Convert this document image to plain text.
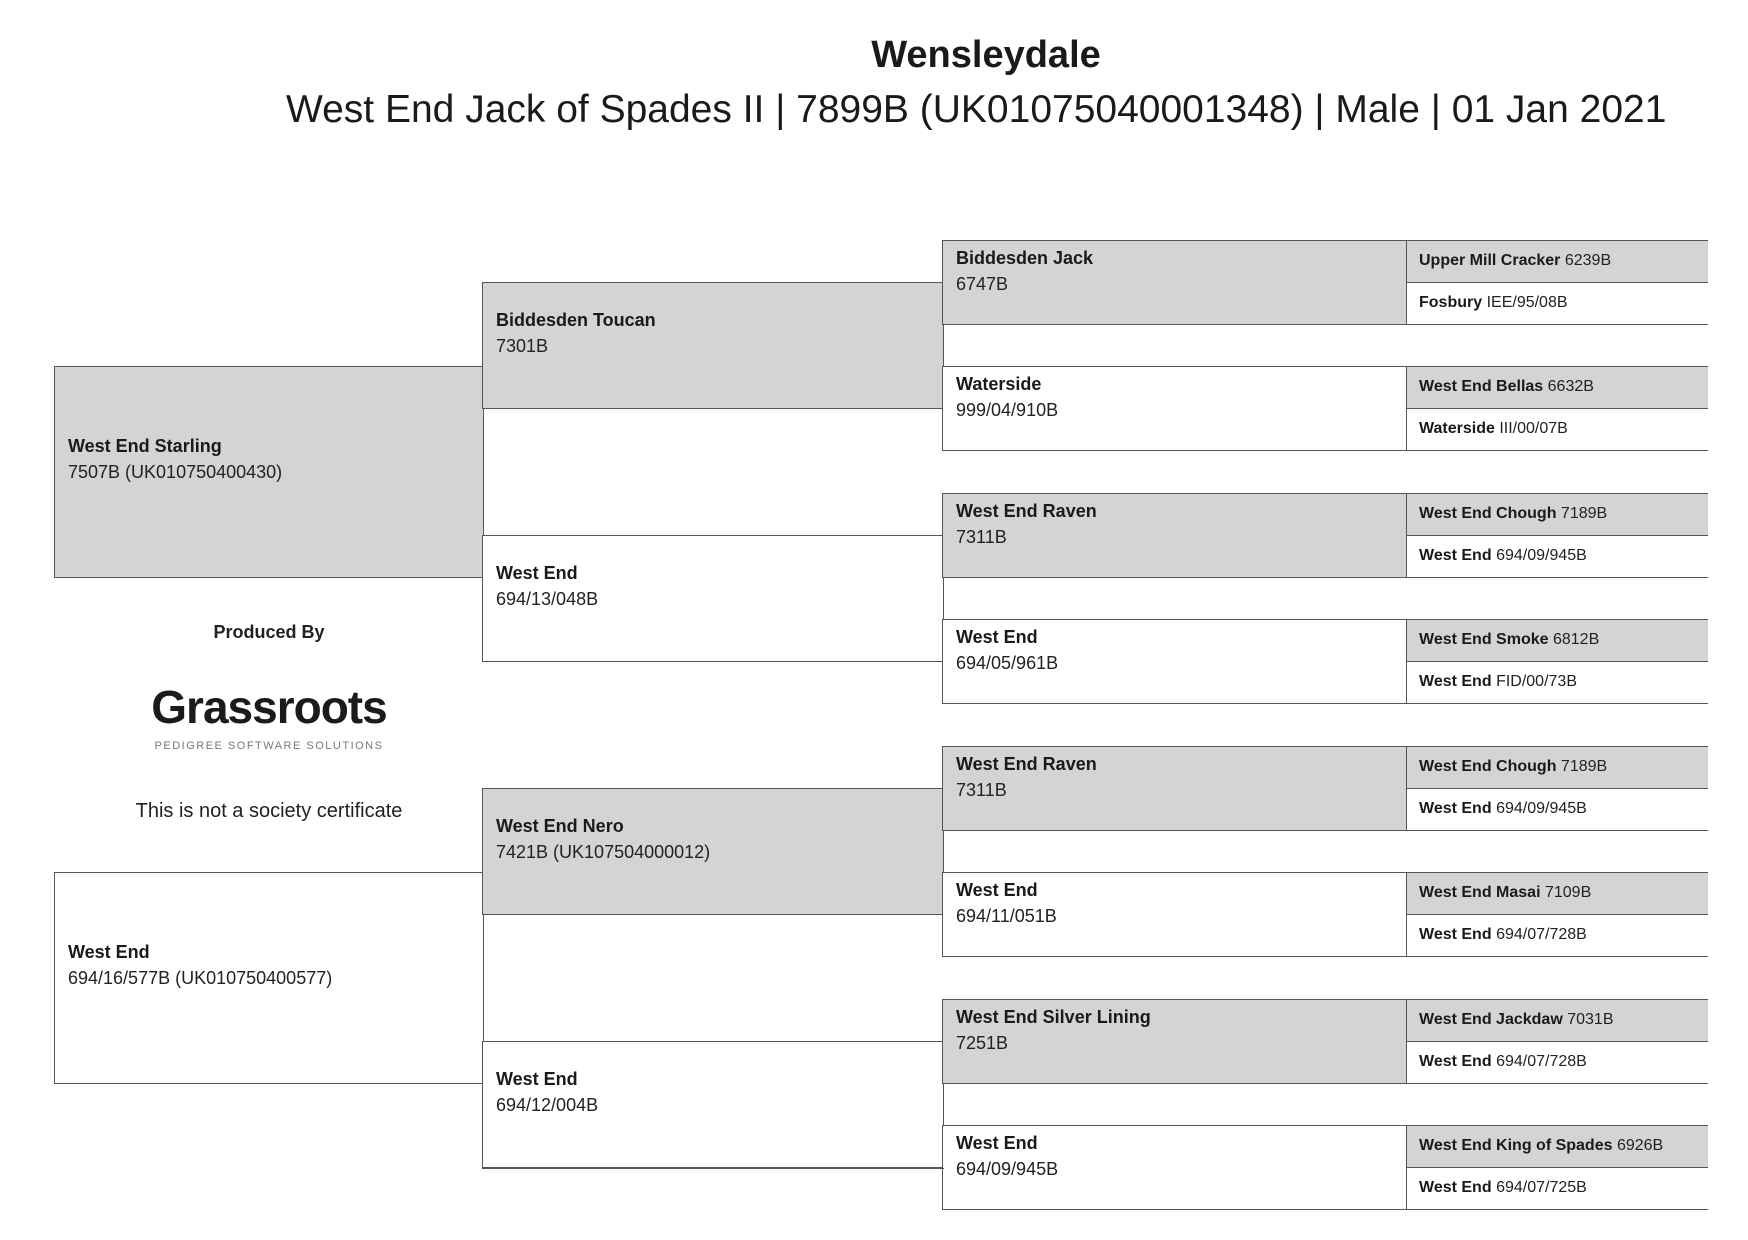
Wensleydale
West End Jack of Spades II | 7899B (UK01075040001348) | Male | 01 Jan 2021
West End Starling
7507B (UK010750400430)
West End
694/16/577B (UK010750400577)
Biddesden Toucan
7301B
West End
694/13/048B
West End Nero
7421B (UK107504000012)
West End
694/12/004B
Biddesden Jack
6747B
Waterside
999/04/910B
West End Raven
7311B
West End
694/05/961B
West End Raven
7311B
West End
694/11/051B
West End Silver Lining
7251B
West End
694/09/945B
Upper Mill Cracker 6239B
Fosbury IEE/95/08B
West End Bellas 6632B
Waterside III/00/07B
West End Chough 7189B
West End 694/09/945B
West End Smoke 6812B
West End FID/00/73B
West End Chough 7189B
West End 694/09/945B
West End Masai 7109B
West End 694/07/728B
West End Jackdaw 7031B
West End 694/07/728B
West End King of Spades 6926B
West End 694/07/725B
Produced By
Grassroots
PEDIGREE SOFTWARE SOLUTIONS
This is not a society certificate
